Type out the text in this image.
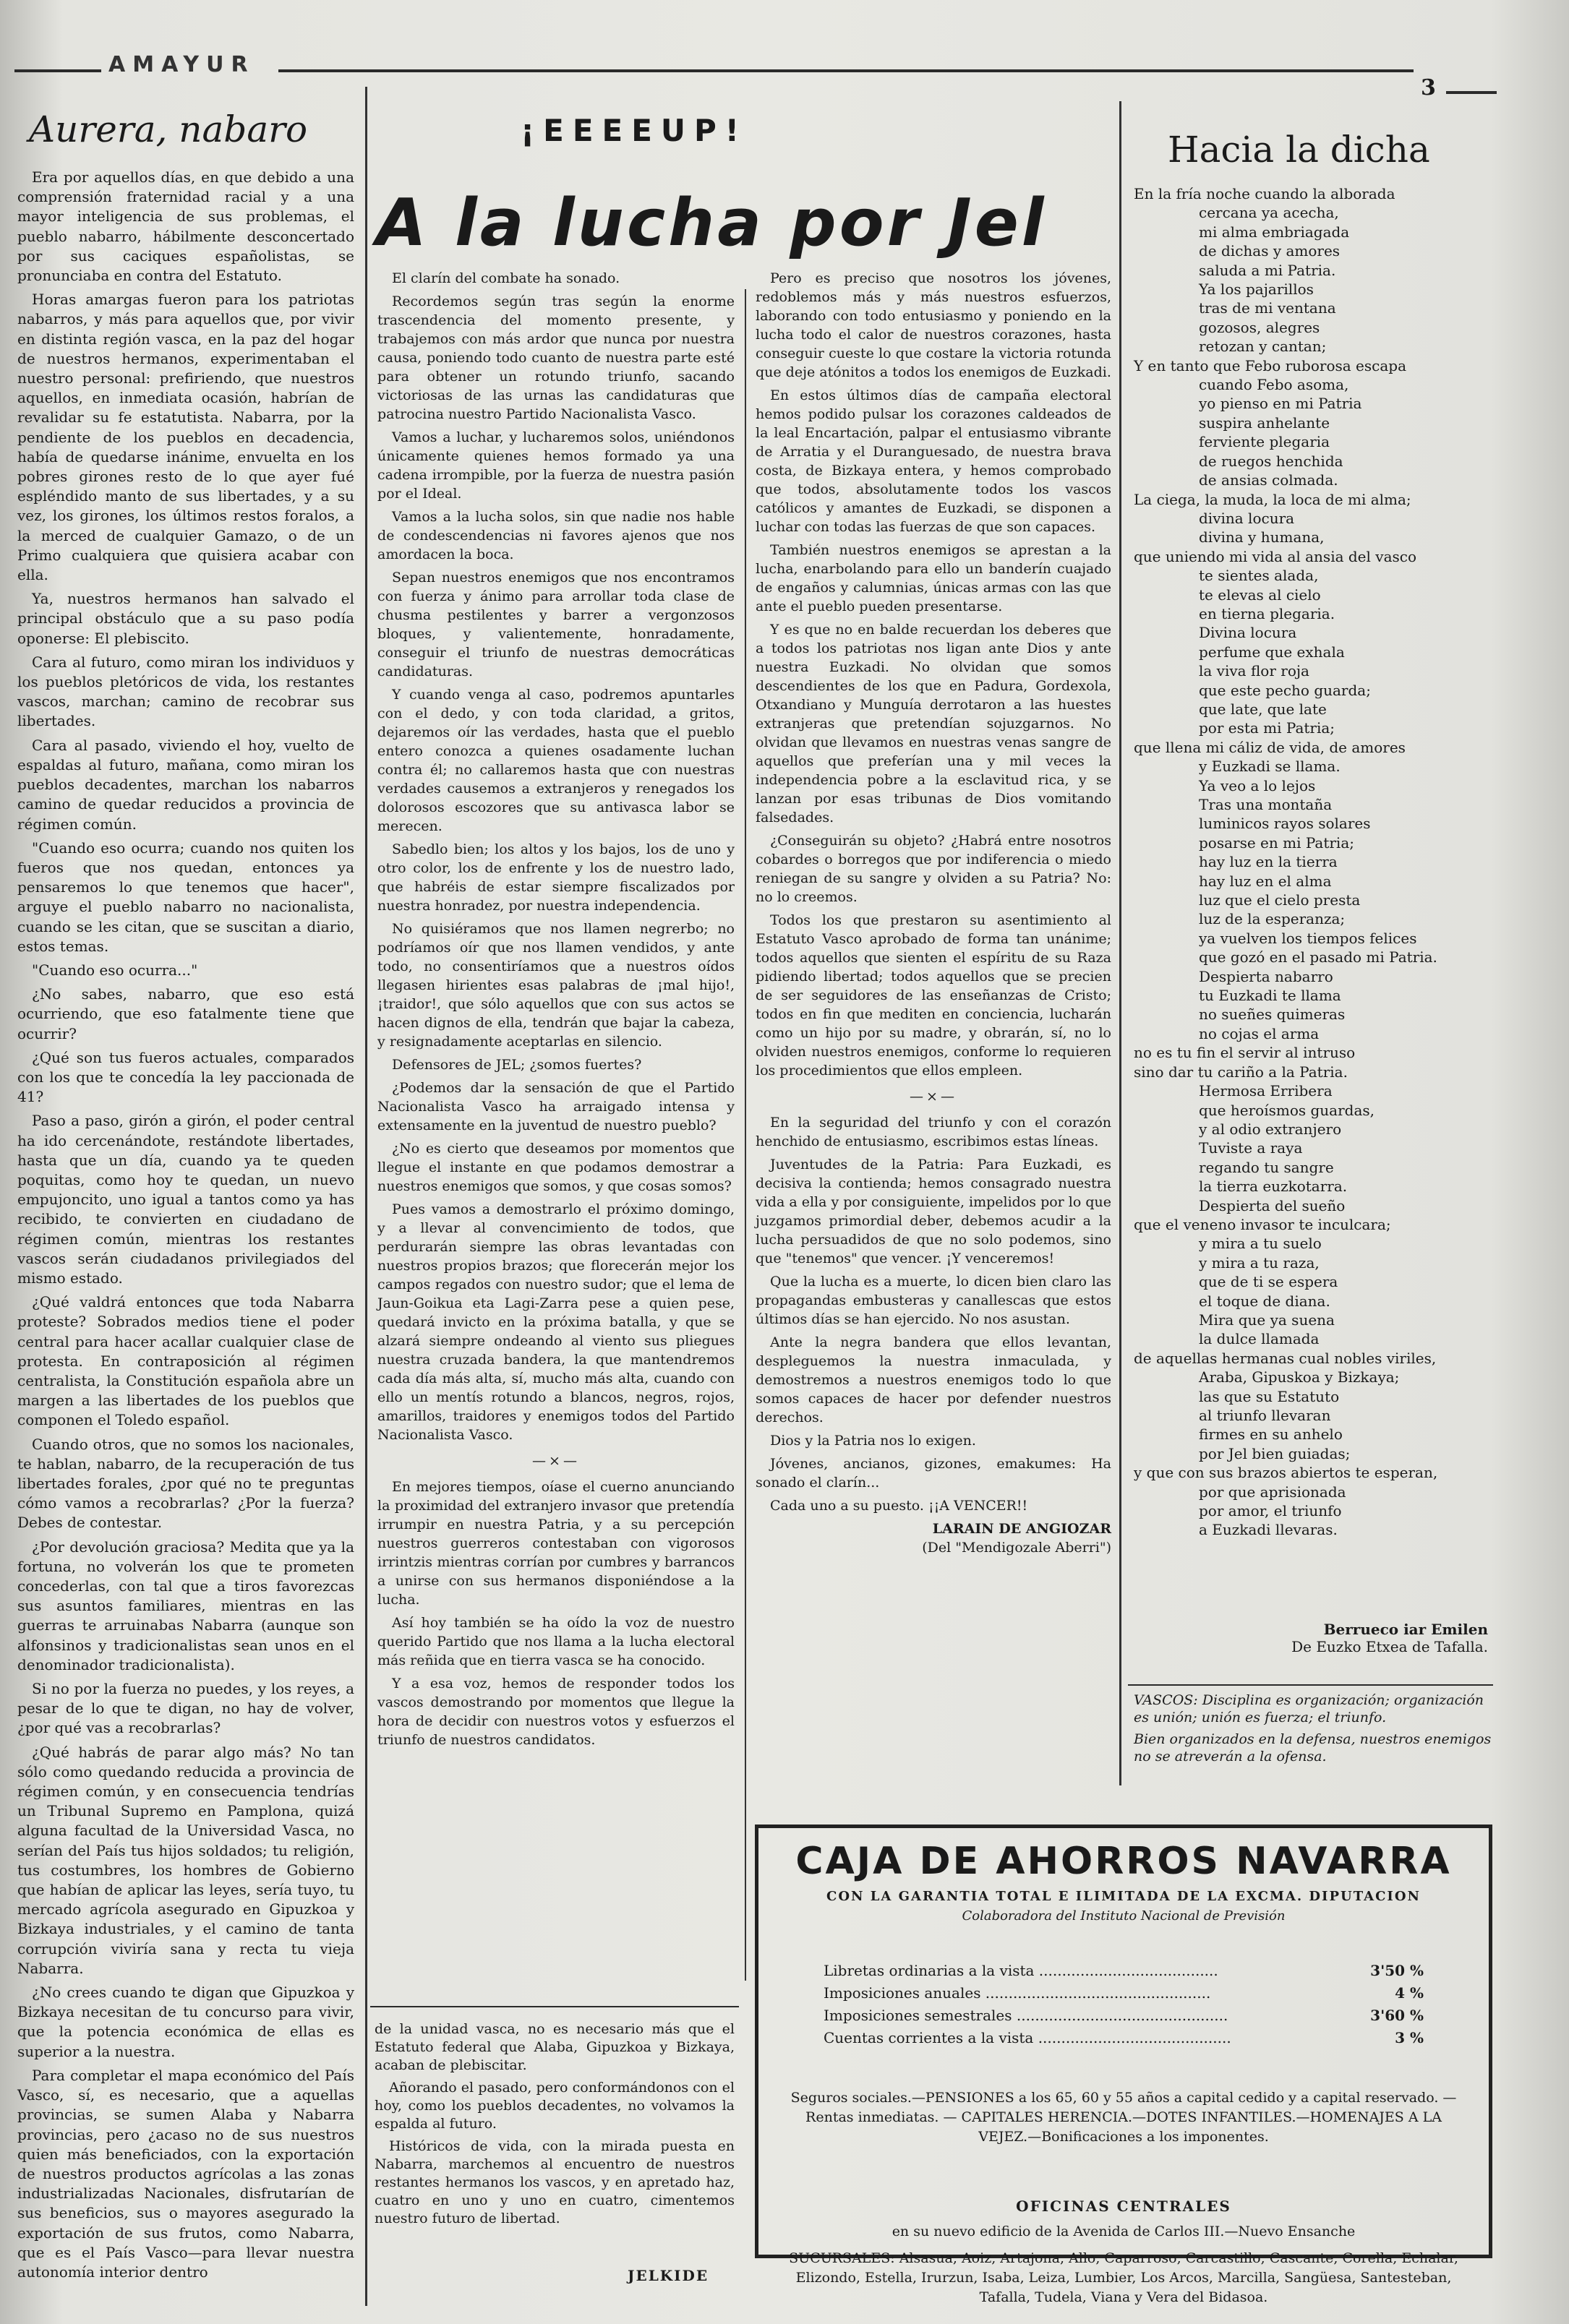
AMAYUR
3
Aurera, nabaro

Era por aquellos días, en que debido a una comprensión fraternidad racial y a una mayor inteligencia de sus problemas, el pueblo nabarro, hábilmente desconcertado por sus caciques españolistas, se pronunciaba en contra del Estatuto.

Horas amargas fueron para los patriotas nabarros, y más para aquellos que, por vivir en distinta región vasca, en la paz del hogar de nuestros hermanos, experimentaban el nuestro personal: prefiriendo, que nuestros aquellos, en inmediata ocasión, habrían de revalidar su fe estatutista. Nabarra, por la pendiente de los pueblos en decadencia, había de quedarse inánime, envuelta en los pobres girones resto de lo que ayer fué espléndido manto de sus libertades, y a su vez, los girones, los últimos restos foralos, a la merced de cualquier Gamazo, o de un Primo cualquiera que quisiera acabar con ella.

Ya, nuestros hermanos han salvado el principal obstáculo que a su paso podía oponerse: El plebiscito.

Cara al futuro, como miran los individuos y los pueblos pletóricos de vida, los restantes vascos, marchan; camino de recobrar sus libertades.

Cara al pasado, viviendo el hoy, vuelto de espaldas al futuro, mañana, como miran los pueblos decadentes, marchan los nabarros camino de quedar reducidos a provincia de régimen común.

"Cuando eso ocurra; cuando nos quiten los fueros que nos quedan, entonces ya pensaremos lo que tenemos que hacer", arguye el pueblo nabarro no nacionalista, cuando se les citan, que se suscitan a diario, estos temas.

"Cuando eso ocurra..."

¿No sabes, nabarro, que eso está ocurriendo, que eso fatalmente tiene que ocurrir?

¿Qué son tus fueros actuales, comparados con los que te concedía la ley paccionada de 41?

Paso a paso, girón a girón, el poder central ha ido cercenándote, restándote libertades, hasta que un día, cuando ya te queden poquitas, como hoy te quedan, un nuevo empujoncito, uno igual a tantos como ya has recibido, te convierten en ciudadano de régimen común, mientras los restantes vascos serán ciudadanos privilegiados del mismo estado.

¿Qué valdrá entonces que toda Nabarra proteste? Sobrados medios tiene el poder central para hacer acallar cualquier clase de protesta. En contraposición al régimen centralista, la Constitución española abre un margen a las libertades de los pueblos que componen el Toledo español.

Cuando otros, que no somos los nacionales, te hablan, nabarro, de la recuperación de tus libertades forales, ¿por qué no te preguntas cómo vamos a recobrarlas? ¿Por la fuerza? Debes de contestar.

¿Por devolución graciosa? Medita que ya la fortuna, no volverán los que te prometen concederlas, con tal que a tiros favorezcas sus asuntos familiares, mientras en las guerras te arruinabas Nabarra (aunque son alfonsinos y tradicionalistas sean unos en el denominador tradicionalista).

Si no por la fuerza no puedes, y los reyes, a pesar de lo que te digan, no hay de volver, ¿por qué vas a recobrarlas?

¿Qué habrás de parar algo más? No tan sólo como quedando reducida a provincia de régimen común, y en consecuencia tendrías un Tribunal Supremo en Pamplona, quizá alguna facultad de la Universidad Vasca, no serían del País tus hijos soldados; tu religión, tus costumbres, los hombres de Gobierno que habían de aplicar las leyes, sería tuyo, tu mercado agrícola asegurado en Gipuzkoa y Bizkaya industriales, y el camino de tanta corrupción viviría sana y recta tu vieja Nabarra.

¿No crees cuando te digan que Gipuzkoa y Bizkaya necesitan de tu concurso para vivir, que la potencia económica de ellas es superior a la nuestra.

Para completar el mapa económico del País Vasco, sí, es necesario, que a aquellas provincias, se sumen Alaba y Nabarra provincias, pero ¿acaso no de sus nuestros quien más beneficiados, con la exportación de nuestros productos agrícolas a las zonas industrializadas Nacionales, disfrutarían de sus beneficios, sus o mayores asegurado la exportación de sus frutos, como Nabarra, que es el País Vasco—para llevar nuestra autonomía interior dentro

¡EEEEUP!
A la lucha por Jel

El clarín del combate ha sonado.

Recordemos según tras según la enorme trascendencia del momento presente, y trabajemos con más ardor que nunca por nuestra causa, poniendo todo cuanto de nuestra parte esté para obtener un rotundo triunfo, sacando victoriosas de las urnas las candidaturas que patrocina nuestro Partido Nacionalista Vasco.

Vamos a luchar, y lucharemos solos, uniéndonos únicamente quienes hemos formado ya una cadena irrompible, por la fuerza de nuestra pasión por el Ideal.

Vamos a la lucha solos, sin que nadie nos hable de condescendencias ni favores ajenos que nos amordacen la boca.

Sepan nuestros enemigos que nos encontramos con fuerza y ánimo para arrollar toda clase de chusma pestilentes y barrer a vergonzosos bloques, y valientemente, honradamente, conseguir el triunfo de nuestras democráticas candidaturas.

Y cuando venga al caso, podremos apuntarles con el dedo, y con toda claridad, a gritos, dejaremos oír las verdades, hasta que el pueblo entero conozca a quienes osadamente luchan contra él; no callaremos hasta que con nuestras verdades causemos a extranjeros y renegados los dolorosos escozores que su antivasca labor se merecen.

Sabedlo bien; los altos y los bajos, los de uno y otro color, los de enfrente y los de nuestro lado, que habréis de estar siempre fiscalizados por nuestra honradez, por nuestra independencia.

No quisiéramos que nos llamen negrerbo; no podríamos oír que nos llamen vendidos, y ante todo, no consentiríamos que a nuestros oídos llegasen hirientes esas palabras de ¡mal hijo!, ¡traidor!, que sólo aquellos que con sus actos se hacen dignos de ella, tendrán que bajar la cabeza, y resignadamente aceptarlas en silencio.

Defensores de JEL; ¿somos fuertes?

¿Podemos dar la sensación de que el Partido Nacionalista Vasco ha arraigado intensa y extensamente en la juventud de nuestro pueblo?

¿No es cierto que deseamos por momentos que llegue el instante en que podamos demostrar a nuestros enemigos que somos, y que cosas somos?

Pues vamos a demostrarlo el próximo domingo, y a llevar al convencimiento de todos, que perdurarán siempre las obras levantadas con nuestros propios brazos; que florecerán mejor los campos regados con nuestro sudor; que el lema de Jaun-Goikua eta Lagi-Zarra pese a quien pese, quedará invicto en la próxima batalla, y que se alzará siempre ondeando al viento sus pliegues nuestra cruzada bandera, la que mantendremos cada día más alta, sí, mucho más alta, cuando con ello un mentís rotundo a blancos, negros, rojos, amarillos, traidores y enemigos todos del Partido Nacionalista Vasco.

—×—

En mejores tiempos, oíase el cuerno anunciando la proximidad del extranjero invasor que pretendía irrumpir en nuestra Patria, y a su percepción nuestros guerreros contestaban con vigorosos irrintzis mientras corrían por cumbres y barrancos a unirse con sus hermanos disponiéndose a la lucha.

Así hoy también se ha oído la voz de nuestro querido Partido que nos llama a la lucha electoral más reñida que en tierra vasca se ha conocido.

Y a esa voz, hemos de responder todos los vascos demostrando por momentos que llegue la hora de decidir con nuestros votos y esfuerzos el triunfo de nuestros candidatos.

Pero es preciso que nosotros los jóvenes, redoblemos más y más nuestros esfuerzos, laborando con todo entusiasmo y poniendo en la lucha todo el calor de nuestros corazones, hasta conseguir cueste lo que costare la victoria rotunda que deje atónitos a todos los enemigos de Euzkadi.

En estos últimos días de campaña electoral hemos podido pulsar los corazones caldeados de la leal Encartación, palpar el entusiasmo vibrante de Arratia y el Duranguesado, de nuestra brava costa, de Bizkaya entera, y hemos comprobado que todos, absolutamente todos los vascos católicos y amantes de Euzkadi, se disponen a luchar con todas las fuerzas de que son capaces.

También nuestros enemigos se aprestan a la lucha, enarbolando para ello un banderín cuajado de engaños y calumnias, únicas armas con las que ante el pueblo pueden presentarse.

Y es que no en balde recuerdan los deberes que a todos los patriotas nos ligan ante Dios y ante nuestra Euzkadi. No olvidan que somos descendientes de los que en Padura, Gordexola, Otxandiano y Munguía derrotaron a las huestes extranjeras que pretendían sojuzgarnos. No olvidan que llevamos en nuestras venas sangre de aquellos que preferían una y mil veces la independencia pobre a la esclavitud rica, y se lanzan por esas tribunas de Dios vomitando falsedades.

¿Conseguirán su objeto? ¿Habrá entre nosotros cobardes o borregos que por indiferencia o miedo reniegan de su sangre y olviden a su Patria? No: no lo creemos.

Todos los que prestaron su asentimiento al Estatuto Vasco aprobado de forma tan unánime; todos aquellos que sienten el espíritu de su Raza pidiendo libertad; todos aquellos que se precien de ser seguidores de las enseñanzas de Cristo; todos en fin que mediten en conciencia, lucharán como un hijo por su madre, y obrarán, sí, no lo olviden nuestros enemigos, conforme lo requieren los procedimientos que ellos empleen.

—×—

En la seguridad del triunfo y con el corazón henchido de entusiasmo, escribimos estas líneas.

Juventudes de la Patria: Para Euzkadi, es decisiva la contienda; hemos consagrado nuestra vida a ella y por consiguiente, impelidos por lo que juzgamos primordial deber, debemos acudir a la lucha persuadidos de que no solo podemos, sino que "tenemos" que vencer. ¡Y venceremos!

Que la lucha es a muerte, lo dicen bien claro las propagandas embusteras y canallescas que estos últimos días se han ejercido. No nos asustan.

Ante la negra bandera que ellos levantan, despleguemos la nuestra inmaculada, y demostremos a nuestros enemigos todo lo que somos capaces de hacer por defender nuestros derechos.

Dios y la Patria nos lo exigen.

Jóvenes, ancianos, gizones, emakumes: Ha sonado el clarín...

Cada uno a su puesto. ¡¡A VENCER!!

LARAIN DE ANGIOZAR
(Del "Mendigozale Aberri")

de la unidad vasca, no es necesario más que el Estatuto federal que Alaba, Gipuzkoa y Bizkaya, acaban de plebiscitar.

Añorando el pasado, pero conformándonos con el hoy, como los pueblos decadentes, no volvamos la espalda al futuro.

Históricos de vida, con la mirada puesta en Nabarra, marchemos al encuentro de nuestros restantes hermanos los vascos, y en apretado haz, cuatro en uno y uno en cuatro, cimentemos nuestro futuro de libertad.

JELKIDE
Hacia la dicha
En la fría noche cuando la alborada
cercana ya acecha,
mi alma embriagada
de dichas y amores
saluda a mi Patria.
Ya los pajarillos
tras de mi ventana
gozosos, alegres
retozan y cantan;
Y en tanto que Febo ruborosa escapa
cuando Febo asoma,
yo pienso en mi Patria
suspira anhelante
ferviente plegaria
de ruegos henchida
de ansias colmada.
La ciega, la muda, la loca de mi alma;
divina locura
divina y humana,
que uniendo mi vida al ansia del vasco
te sientes alada,
te elevas al cielo
en tierna plegaria.
Divina locura
perfume que exhala
la viva flor roja
que este pecho guarda;
que late, que late
por esta mi Patria;
que llena mi cáliz de vida, de amores
y Euzkadi se llama.
Ya veo a lo lejos
Tras una montaña
luminicos rayos solares
posarse en mi Patria;
hay luz en la tierra
hay luz en el alma
luz que el cielo presta
luz de la esperanza;
ya vuelven los tiempos felices
que gozó en el pasado mi Patria.
Despierta nabarro
tu Euzkadi te llama
no sueñes quimeras
no cojas el arma
no es tu fin el servir al intruso
sino dar tu cariño a la Patria.
Hermosa Erribera
que heroísmos guardas,
y al odio extranjero
Tuviste a raya
regando tu sangre
la tierra euzkotarra.
Despierta del sueño
que el veneno invasor te inculcara;
y mira a tu suelo
y mira a tu raza,
que de ti se espera
el toque de diana.
Mira que ya suena
la dulce llamada
de aquellas hermanas cual nobles viriles,
Araba, Gipuskoa y Bizkaya;
las que su Estatuto
al triunfo llevaran
firmes en su anhelo
por Jel bien guiadas;
y que con sus brazos abiertos te esperan,
por que aprisionada
por amor, el triunfo
a Euzkadi llevaras.
Berrueco iar Emilen
De Euzko Etxea de Tafalla.
VASCOS: Disciplina es organización; organización es unión; unión es fuerza; el triunfo.
Bien organizados en la defensa, nuestros enemigos no se atreverán a la ofensa.
CAJA DE AHORROS NAVARRA
CON LA GARANTIA TOTAL E ILIMITADA DE LA EXCMA. DIPUTACION
Colaboradora del Instituto Nacional de Previsión
Libretas ordinarias a la vista .......................................	3'50 %
Imposiciones anuales .................................................	4 %
Imposiciones semestrales ..............................................	3'60 %
Cuentas corrientes a la vista ..........................................	3 %
Seguros sociales.—PENSIONES a los 65, 60 y 55 años a capital cedido y a capital reservado. —Rentas inmediatas. — CAPITALES HERENCIA.—DOTES INFANTILES.—HOMENAJES A LA VEJEZ.—Bonificaciones a los imponentes.
OFICINAS CENTRALES
en su nuevo edificio de la Avenida de Carlos III.—Nuevo Ensanche
SUCURSALES: Alsasua, Aoiz, Artajona, Allo, Caparroso, Carcastillo, Cascante, Corella, Echalar, Elizondo, Estella, Irurzun, Isaba, Leiza, Lumbier, Los Arcos, Marcilla, Sangüesa, Santesteban, Tafalla, Tudela, Viana y Vera del Bidasoa.
